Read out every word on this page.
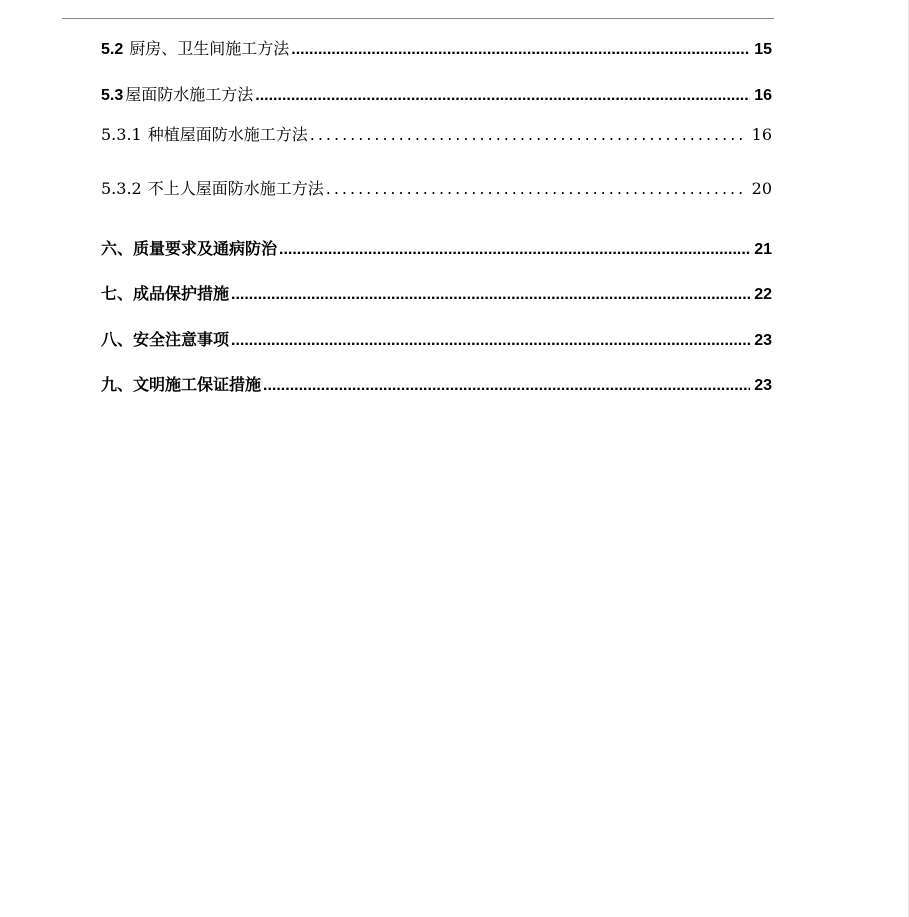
5.2 厨房、卫生间施工方法 .....	15
5.3 屋面防水施工方法 .....	16
5.3.1 种植屋面防水施工方法 .....	16
5.3.2 不上人屋面防水施工方法 .....	20
六、质量要求及通病防治 .....	21
七、成品保护措施 .....	22
八、安全注意事项 .....	23
九、文明施工保证措施 .....	23
